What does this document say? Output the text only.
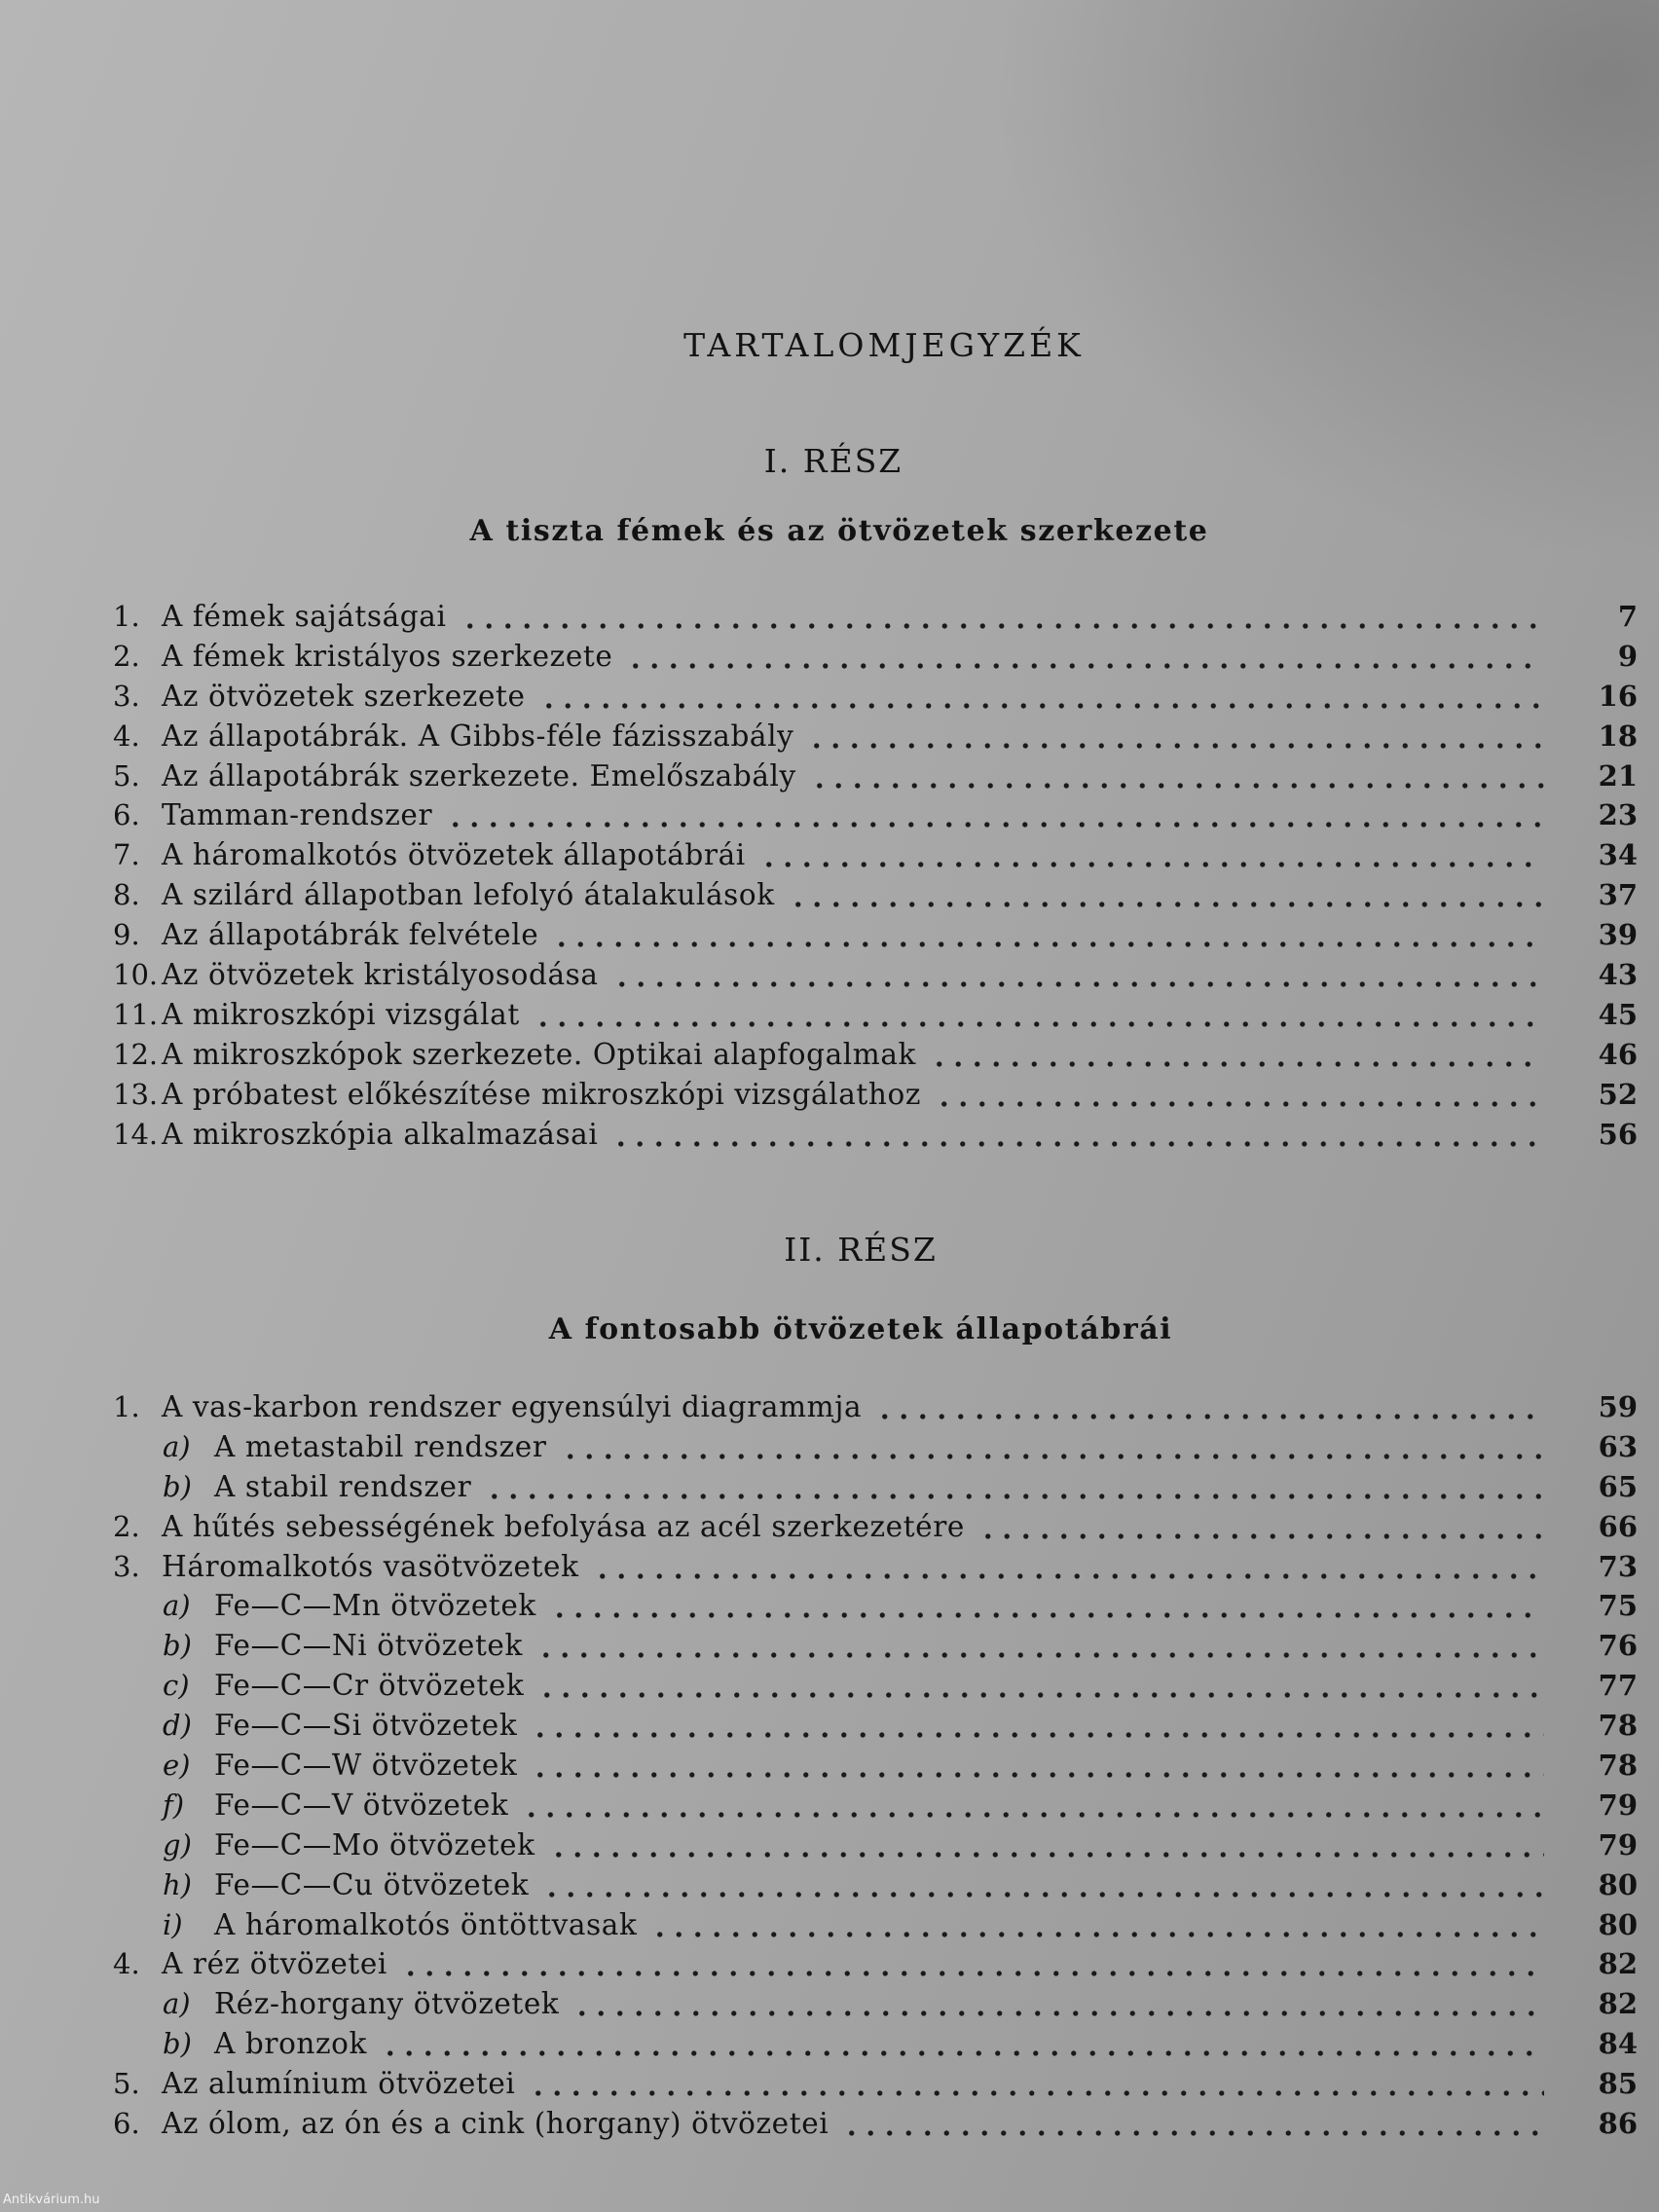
TARTALOMJEGYZÉK
I. RÉSZ
A tiszta fémek és az ötvözetek szerkezete
1. A fémek sajátságai	7
2. A fémek kristályos szerkezete	9
3. Az ötvözetek szerkezete	16
4. Az állapotábrák. A Gibbs-féle fázisszabály	18
5. Az állapotábrák szerkezete. Emelőszabály	21
6. Tamman-rendszer	23
7. A háromalkotós ötvözetek állapotábrái	34
8. A szilárd állapotban lefolyó átalakulások	37
9. Az állapotábrák felvétele	39
10. Az ötvözetek kristályosodása	43
11. A mikroszkópi vizsgálat	45
12. A mikroszkópok szerkezete. Optikai alapfogalmak	46
13. A próbatest előkészítése mikroszkópi vizsgálathoz	52
14. A mikroszkópia alkalmazásai	56
II. RÉSZ
A fontosabb ötvözetek állapotábrái
1. A vas-karbon rendszer egyensúlyi diagrammja	59
a) A metastabil rendszer	63
b) A stabil rendszer	65
2. A hűtés sebességének befolyása az acél szerkezetére	66
3. Háromalkotós vasötvözetek	73
a) Fe—C—Mn ötvözetek	75
b) Fe—C—Ni ötvözetek	76
c) Fe—C—Cr ötvözetek	77
d) Fe—C—Si ötvözetek	78
e) Fe—C—W ötvözetek	78
f)	Fe—C—V ötvözetek	79
g) Fe—C—Mo ötvözetek	79
h) Fe—C—Cu ötvözetek	80
i)	A háromalkotós öntöttvasak	80
4. A réz ötvözetei	82
a) Réz-horgany ötvözetek	82
b) A bronzok	84
5. Az alumínium ötvözetei	85
6. Az ólom, az ón és a cink (horgany) ötvözetei	86
Antikvárium.hu
